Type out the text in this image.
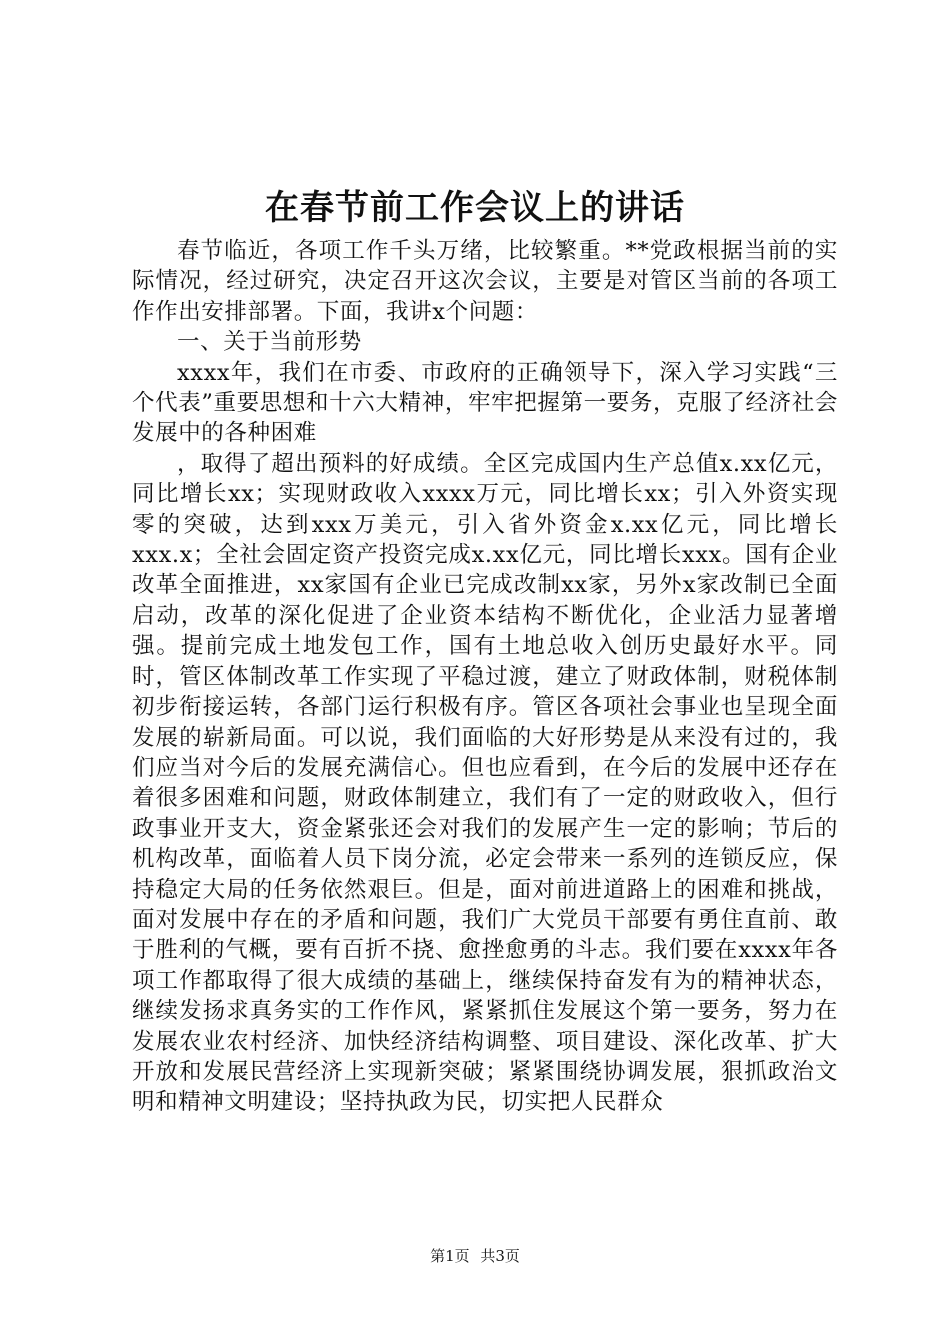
在春节前工作会议上的讲话

春节临近，各项工作千头万绪，比较繁重。**党政根据当前的实际情况，经过研究，决定召开这次会议，主要是对管区当前的各项工作作出安排部署。下面，我讲x个问题：

一、关于当前形势

xxxx年，我们在市委、市政府的正确领导下，深入学习实践“三个代表”重要思想和十六大精神，牢牢把握第一要务，克服了经济社会发展中的各种困难

，取得了超出预料的好成绩。全区完成国内生产总值x.xx亿元，同比增长xx；实现财政收入xxxx万元，同比增长xx；引入外资实现零的突破，达到xxx万美元，引入省外资金x.xx亿元，同比增长xxx.x；全社会固定资产投资完成x.xx亿元，同比增长xxx。国有企业改革全面推进，xx家国有企业已完成改制xx家，另外x家改制已全面启动，改革的深化促进了企业资本结构不断优化，企业活力显著增强。提前完成土地发包工作，国有土地总收入创历史最好水平。同时，管区体制改革工作实现了平稳过渡，建立了财政体制，财税体制初步衔接运转，各部门运行积极有序。管区各项社会事业也呈现全面发展的崭新局面。可以说，我们面临的大好形势是从来没有过的，我们应当对今后的发展充满信心。但也应看到，在今后的发展中还存在着很多困难和问题，财政体制建立，我们有了一定的财政收入，但行政事业开支大，资金紧张还会对我们的发展产生一定的影响；节后的机构改革，面临着人员下岗分流，必定会带来一系列的连锁反应，保持稳定大局的任务依然艰巨。但是，面对前进道路上的困难和挑战，面对发展中存在的矛盾和问题，我们广大党员干部要有勇住直前、敢于胜利的气概，要有百折不挠、愈挫愈勇的斗志。我们要在xxxx年各项工作都取得了很大成绩的基础上，继续保持奋发有为的精神状态，继续发扬求真务实的工作作风，紧紧抓住发展这个第一要务，努力在发展农业农村经济、加快经济结构调整、项目建设、深化改革、扩大开放和发展民营经济上实现新突破；紧紧围绕协调发展，狠抓政治文明和精神文明建设；坚持执政为民，切实把人民群众

第1页 共3页
